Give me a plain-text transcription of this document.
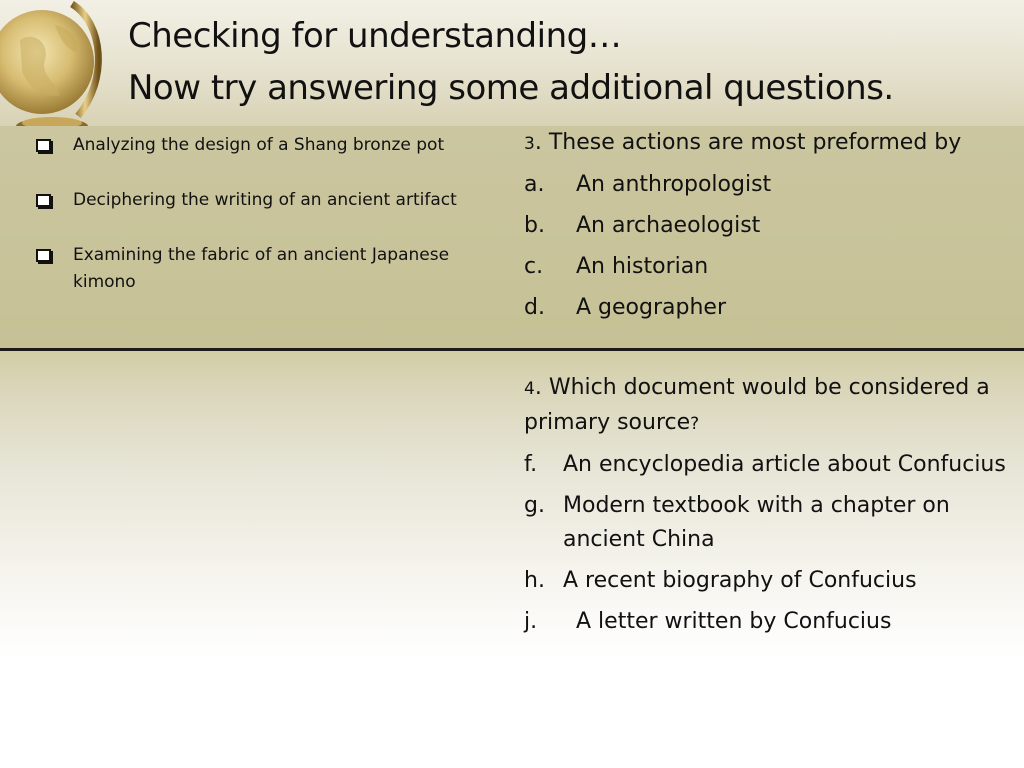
Checking for understanding…
Now try answering some additional questions.
Analyzing the design of a Shang bronze pot
Deciphering the writing of an ancient artifact
Examining the fabric of an ancient Japanese kimono
3. These actions are most preformed by
a.	An anthropologist
b.	An archaeologist
c.	An historian
d.	A geographer
4. Which document would be considered a primary source?
f.	An encyclopedia article about Confucius
g. Modern textbook with a chapter on ancient China
h. A recent biography of Confucius
j.	A letter written by Confucius
